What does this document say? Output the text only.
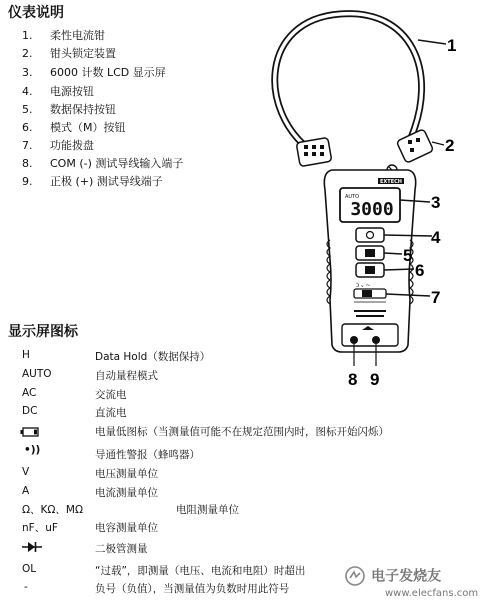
仪表说明
1. 柔性电流钳
2. 钳头锁定装置
3. 6000 计数 LCD 显示屏
4. 电源按钮
5. 数据保持按钮
6. 模式（M）按钮
7. 功能拨盘
8. COM (-) 测试导线输入端子
9. 正极 (+) 测试导线端子
显示屏图标
H	Data Hold（数据保持）
AUTO	自动量程模式
AC	交流电
DC	直流电
电量低图标（当测量值可能不在规定范围内时，图标开始闪烁）
•))	导通性警报（蜂鸣器）
V	电压测量单位
A	电流测量单位
Ω、KΩ、MΩ	电阻测量单位
nF、uF	电容测量单位
二极管测量
OL	“过载”，即测量（电压、电流和电阻）时超出
-	负号（负值），当测量值为负数时用此符号
EXTECH
AUTO
3000
ͻ ᵥ ~
1
2
3
4
5
6
7
8 9
电子发烧友
www.elecfans.com
